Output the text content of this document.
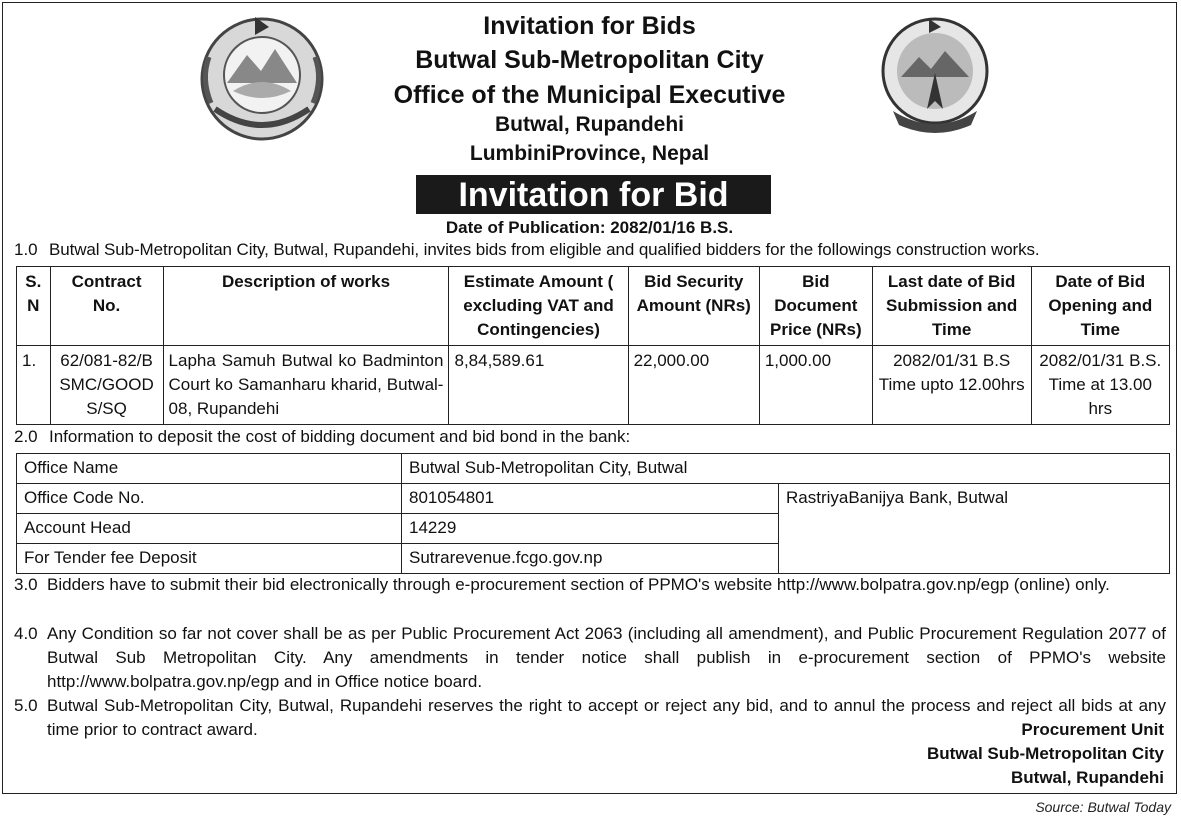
Invitation for Bids
Butwal Sub-Metropolitan City
Office of the Municipal Executive
Butwal, Rupandehi
LumbiniProvince, Nepal
Invitation for Bid
Date of Publication: 2082/01/16 B.S.
1.0 Butwal Sub-Metropolitan City, Butwal, Rupandehi, invites bids from eligible and qualified bidders for the followings construction works.
S. N	Contract No.	Description of works	Estimate Amount ( excluding VAT and Contingencies)	Bid Security Amount (NRs)	Bid Document Price (NRs)	Last date of Bid Submission and Time	Date of Bid Opening and Time
1.	62/081-82/BSMC/GOODS/SQ	Lapha Samuh Butwal ko Badminton Court ko Samanharu kharid, Butwal-08, Rupandehi	8,84,589.61	22,000.00	1,000.00	2082/01/31 B.S Time upto 12.00hrs	2082/01/31 B.S. Time at 13.00 hrs
2.0 Information to deposit the cost of bidding document and bid bond in the bank:
Office Name	Butwal Sub-Metropolitan City, Butwal	
Office Code No.	801054801	RastriyaBanijya Bank, Butwal
Account Head	14229	
For Tender fee Deposit	Sutrarevenue.fcgo.gov.np	
3.0 Bidders have to submit their bid electronically through e-procurement section of PPMO's website http://www.bolpatra.gov.np/egp (online) only.
4.0 Any Condition so far not cover shall be as per Public Procurement Act 2063 (including all amendment), and Public Procurement Regulation 2077 of Butwal Sub Metropolitan City. Any amendments in tender notice shall publish in e-procurement section of PPMO's website http://www.bolpatra.gov.np/egp and in Office notice board.
5.0 Butwal Sub-Metropolitan City, Butwal, Rupandehi reserves the right to accept or reject any bid, and to annul the process and reject all bids at any time prior to contract award.	Procurement Unit
Butwal Sub-Metropolitan City
Butwal, Rupandehi
Source: Butwal Today
